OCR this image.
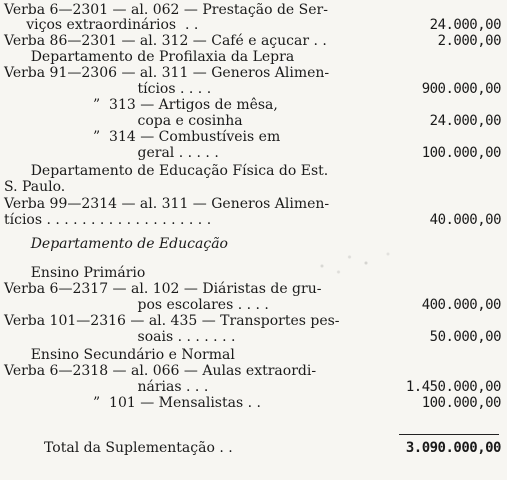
Verba 6—2301 — al. 062 — Prestação de Ser-
viços extraordinários  . .	24.000,00
Verba 86—2301 — al. 312 — Café e açucar . .	2.000,00
Departamento de Profilaxia da Lepra
Verba 91—2306 — al. 311 — Generos Alimen-
tícios . . . .	900.000,00
”  313 — Artigos de mêsa,
copa e cosinha	24.000,00
”  314 — Combustíveis em
geral . . . . .	100.000,00
Departamento de Educação Física do Est.
S. Paulo.
Verba 99—2314 — al. 311 — Generos Alimen-
tícios . . . . . . . . . . . . . . . . . . .	40.000,00
Departamento de Educação
Ensino Primário
Verba 6—2317 — al. 102 — Diáristas de gru-
pos escolares . . . .	400.000,00
Verba 101—2316 — al. 435 — Transportes pes-
soais . . . . . . .	50.000,00
Ensino Secundário e Normal
Verba 6—2318 — al. 066 — Aulas extraordi-
nárias . . .	1.450.000,00
”  101 — Mensalistas . .	100.000,00
Total da Suplementação . .	3.090.000,00
